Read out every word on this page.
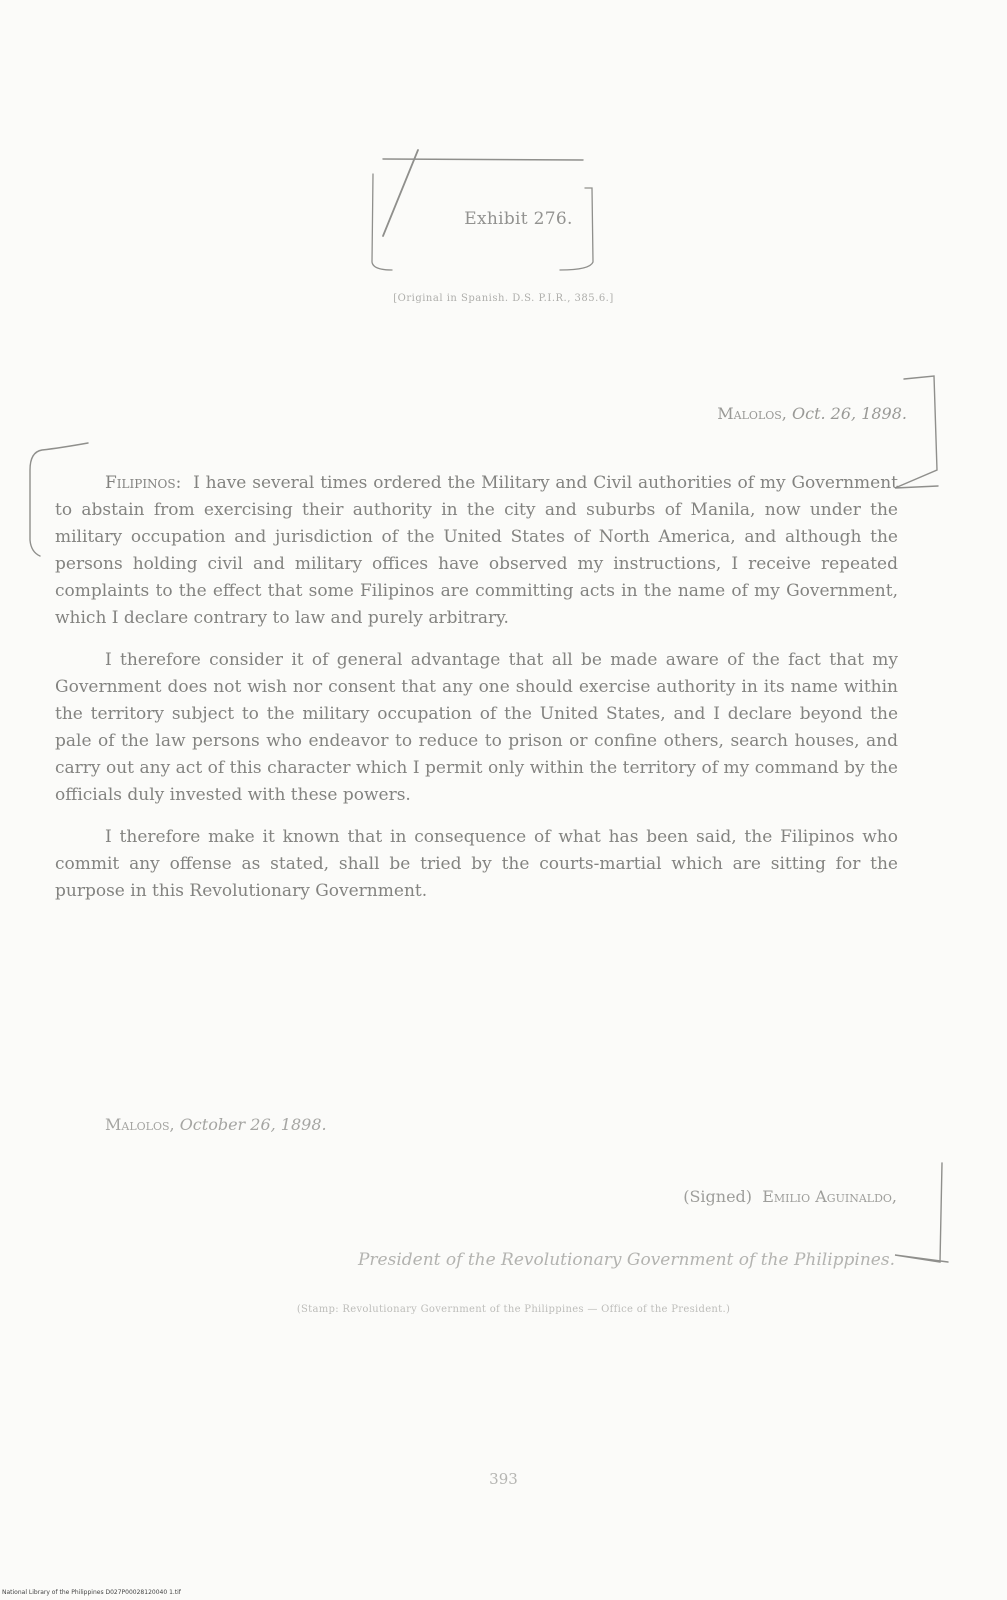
Exhibit 276.
[Original in Spanish. D.S. P.I.R., 385.6.]
Malolos, Oct. 26, 1898.

Filipinos: I have several times ordered the Military and Civil authorities of my Government to abstain from exercising their authority in the city and suburbs of Manila, now under the military occupation and jurisdiction of the United States of North America, and although the persons holding civil and military offices have observed my instructions, I receive repeated complaints to the effect that some Filipinos are committing acts in the name of my Government, which I declare contrary to law and purely arbitrary.

I therefore consider it of general advantage that all be made aware of the fact that my Government does not wish nor consent that any one should exercise authority in its name within the territory subject to the military occupation of the United States, and I declare beyond the pale of the law persons who endeavor to reduce to prison or confine others, search houses, and carry out any act of this character which I permit only within the territory of my command by the officials duly invested with these powers.

I therefore make it known that in consequence of what has been said, the Filipinos who commit any offense as stated, shall be tried by the courts-martial which are sitting for the purpose in this Revolutionary Government.

Malolos, October 26, 1898.
(Signed) Emilio Aguinaldo,
President of the Revolutionary Government of the Philippines.
(Stamp: Revolutionary Government of the Philippines — Office of the President.)
393
National Library of the Philippines D027P00028120040 1.tif
